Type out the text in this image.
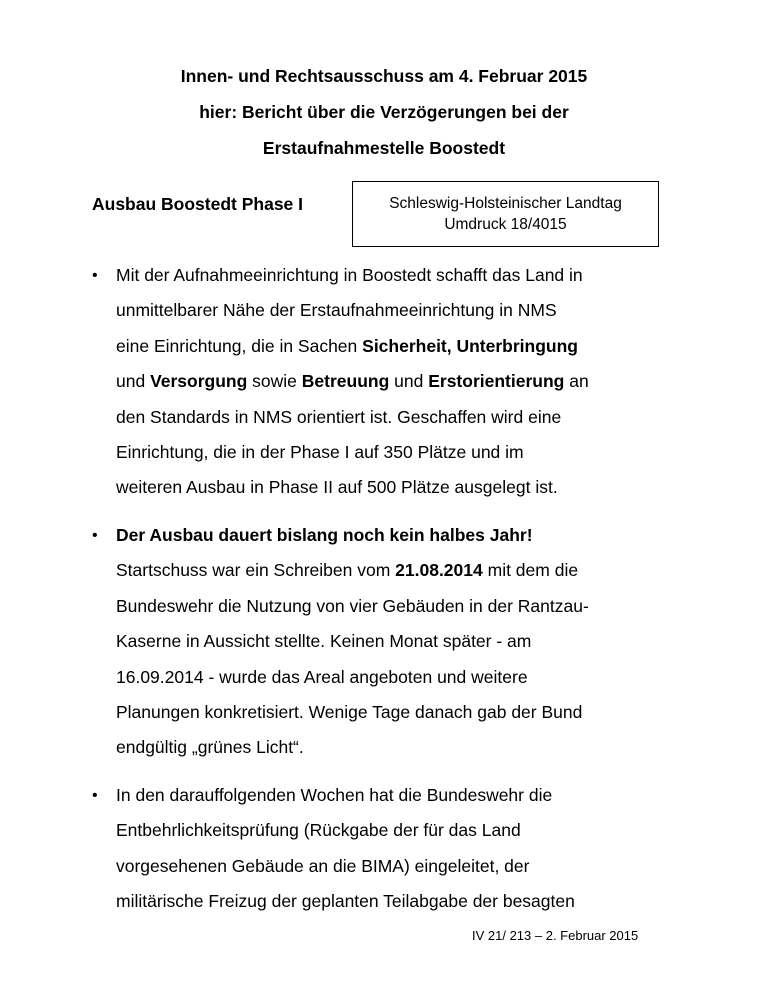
Innen- und Rechtsausschuss am 4. Februar 2015
hier: Bericht über die Verzögerungen bei der
Erstaufnahmestelle Boostedt
Ausbau Boostedt Phase I	Schleswig-Holsteinischer Landtag
Umdruck 18/4015
• Mit der Aufnahmeeinrichtung in Boostedt schafft das Land in
unmittelbarer Nähe der Erstaufnahmeeinrichtung in NMS
eine Einrichtung, die in Sachen Sicherheit, Unterbringung
und Versorgung sowie Betreuung und Erstorientierung an
den Standards in NMS orientiert ist. Geschaffen wird eine
Einrichtung, die in der Phase I auf 350 Plätze und im
weiteren Ausbau in Phase II auf 500 Plätze ausgelegt ist.
• Der Ausbau dauert bislang noch kein halbes Jahr!
Startschuss war ein Schreiben vom 21.08.2014 mit dem die
Bundeswehr die Nutzung von vier Gebäuden in der Rantzau-
Kaserne in Aussicht stellte. Keinen Monat später - am
16.09.2014 - wurde das Areal angeboten und weitere
Planungen konkretisiert. Wenige Tage danach gab der Bund
endgültig „grünes Licht“.
• In den darauffolgenden Wochen hat die Bundeswehr die
Entbehrlichkeitsprüfung (Rückgabe der für das Land
vorgesehenen Gebäude an die BIMA) eingeleitet, der
militärische Freizug der geplanten Teilabgabe der besagten
IV 21/ 213 – 2. Februar 2015
